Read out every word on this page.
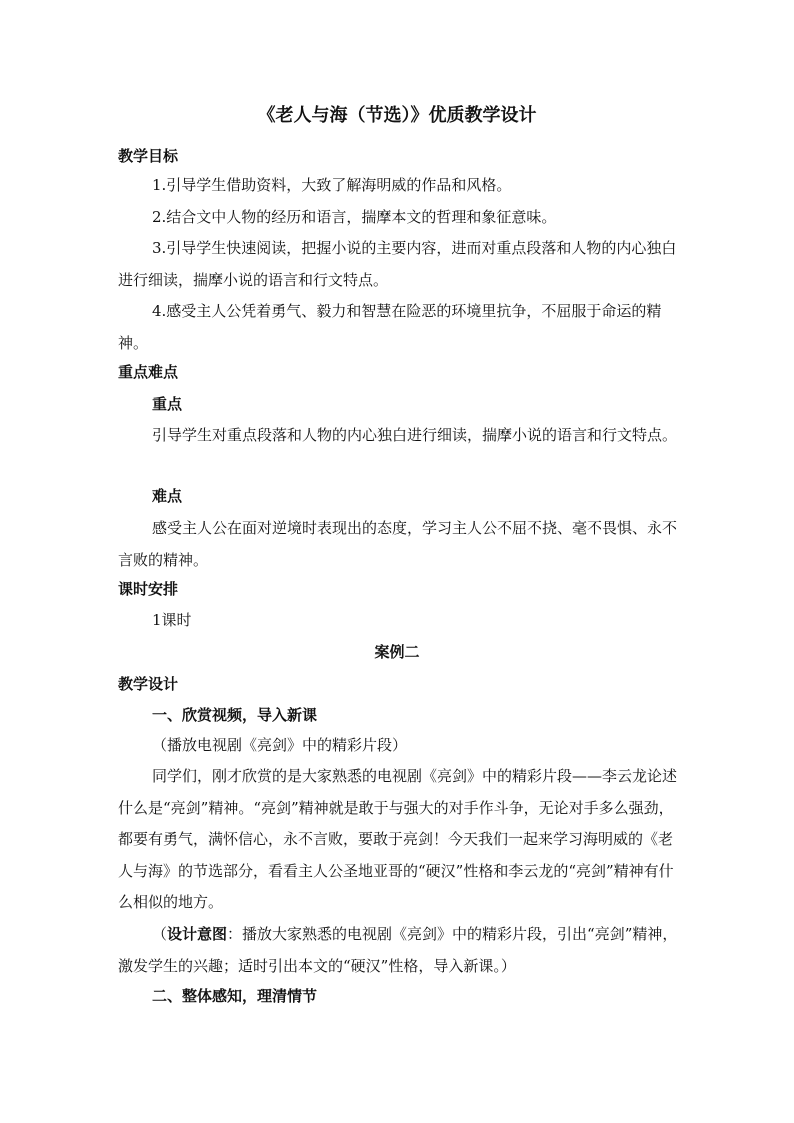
《老人与海（节选）》优质教学设计
教学目标

1.引导学生借助资料，大致了解海明威的作品和风格。

2.结合文中人物的经历和语言，揣摩本文的哲理和象征意味。

3.引导学生快速阅读，把握小说的主要内容，进而对重点段落和人物的内心独白进行细读，揣摩小说的语言和行文特点。

4.感受主人公凭着勇气、毅力和智慧在险恶的环境里抗争，不屈服于命运的精神。

重点难点
重点

引导学生对重点段落和人物的内心独白进行细读，揣摩小说的语言和行文特点。

难点

感受主人公在面对逆境时表现出的态度，学习主人公不屈不挠、毫不畏惧、永不言败的精神。

课时安排

1课时

案例二
教学设计
一、欣赏视频，导入新课

（播放电视剧《亮剑》中的精彩片段）

同学们，刚才欣赏的是大家熟悉的电视剧《亮剑》中的精彩片段——李云龙论述什么是“亮剑”精神。“亮剑”精神就是敢于与强大的对手作斗争，无论对手多么强劲，都要有勇气，满怀信心，永不言败，要敢于亮剑！今天我们一起来学习海明威的《老人与海》的节选部分，看看主人公圣地亚哥的“硬汉”性格和李云龙的“亮剑”精神有什么相似的地方。

（设计意图：播放大家熟悉的电视剧《亮剑》中的精彩片段，引出“亮剑”精神，激发学生的兴趣；适时引出本文的“硬汉”性格，导入新课。）

二、整体感知，理清情节
